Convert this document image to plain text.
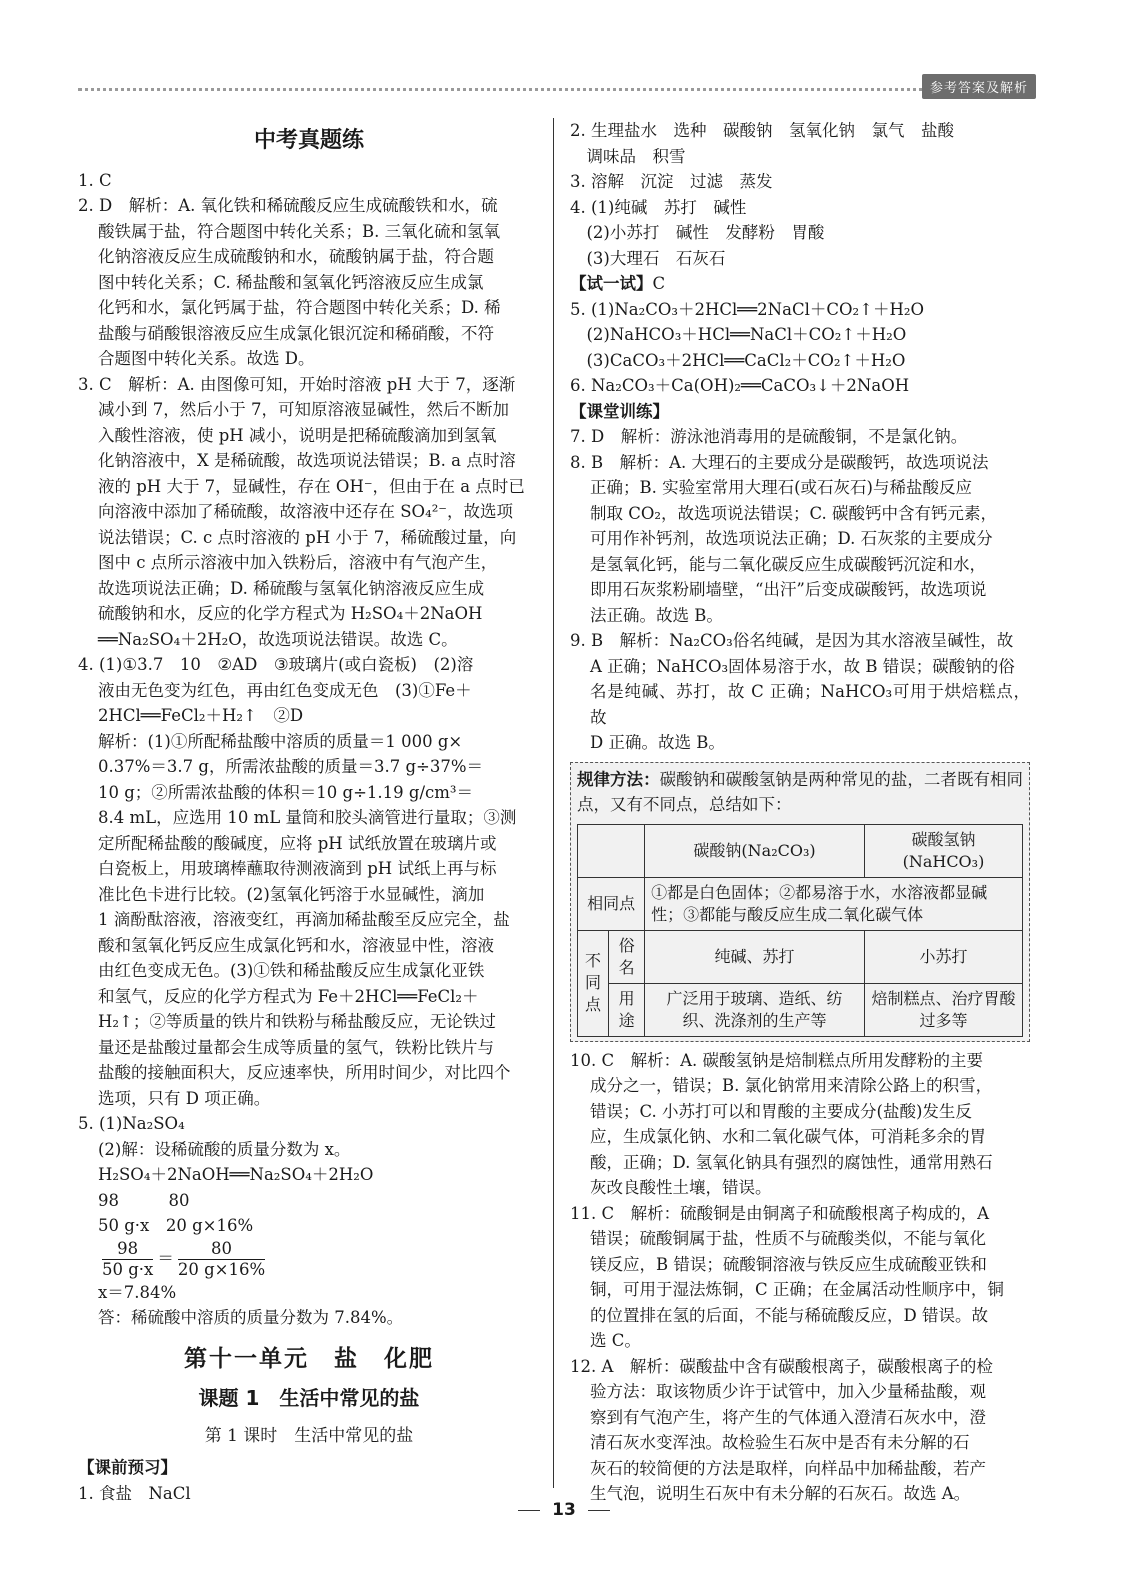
参考答案及解析
中考真题练

1. C

2. D　解析：A. 氧化铁和稀硫酸反应生成硫酸铁和水，硫

酸铁属于盐，符合题图中转化关系；B. 三氧化硫和氢氧

化钠溶液反应生成硫酸钠和水，硫酸钠属于盐，符合题

图中转化关系；C. 稀盐酸和氢氧化钙溶液反应生成氯

化钙和水，氯化钙属于盐，符合题图中转化关系；D. 稀

盐酸与硝酸银溶液反应生成氯化银沉淀和稀硝酸，不符

合题图中转化关系。故选 D。

3. C　解析：A. 由图像可知，开始时溶液 pH 大于 7，逐渐

减小到 7，然后小于 7，可知原溶液显碱性，然后不断加

入酸性溶液，使 pH 减小，说明是把稀硫酸滴加到氢氧

化钠溶液中，X 是稀硫酸，故选项说法错误；B. a 点时溶

液的 pH 大于 7，显碱性，存在 OH⁻，但由于在 a 点时已

向溶液中添加了稀硫酸，故溶液中还存在 SO₄²⁻，故选项

说法错误；C. c 点时溶液的 pH 小于 7，稀硫酸过量，向

图中 c 点所示溶液中加入铁粉后，溶液中有气泡产生，

故选项说法正确；D. 稀硫酸与氢氧化钠溶液反应生成

硫酸钠和水，反应的化学方程式为 H₂SO₄＋2NaOH

══Na₂SO₄＋2H₂O，故选项说法错误。故选 C。

4. (1)①3.7　10　②AD　③玻璃片(或白瓷板)　(2)溶

液由无色变为红色，再由红色变成无色　(3)①Fe＋

2HCl══FeCl₂＋H₂↑　②D

解析：(1)①所配稀盐酸中溶质的质量＝1 000 g×

0.37%＝3.7 g，所需浓盐酸的质量＝3.7 g÷37%＝

10 g；②所需浓盐酸的体积＝10 g÷1.19 g/cm³＝

8.4 mL，应选用 10 mL 量筒和胶头滴管进行量取；③测

定所配稀盐酸的酸碱度，应将 pH 试纸放置在玻璃片或

白瓷板上，用玻璃棒蘸取待测液滴到 pH 试纸上再与标

准比色卡进行比较。(2)氢氧化钙溶于水显碱性，滴加

1 滴酚酞溶液，溶液变红，再滴加稀盐酸至反应完全，盐

酸和氢氧化钙反应生成氯化钙和水，溶液显中性，溶液

由红色变成无色。(3)①铁和稀盐酸反应生成氯化亚铁

和氢气，反应的化学方程式为 Fe＋2HCl══FeCl₂＋

H₂↑；②等质量的铁片和铁粉与稀盐酸反应，无论铁过

量还是盐酸过量都会生成等质量的氢气，铁粉比铁片与

盐酸的接触面积大，反应速率快，所用时间少，对比四个

选项，只有 D 项正确。

5. (1)Na₂SO₄

(2)解：设稀硫酸的质量分数为 x。

H₂SO₄＋2NaOH══Na₂SO₄＋2H₂O

98　　　80

50 g·x　20 g×16%

$\frac{98}{50 g\cdot x} = \frac{80}{20 g\times 16\%}$

x＝7.84%

答：稀硫酸中溶质的质量分数为 7.84%。

第十一单元　盐　化肥
课题 1　生活中常见的盐
第 1 课时　生活中常见的盐

【课前预习】

1. 食盐　NaCl

2. 生理盐水　选种　碳酸钠　氢氧化钠　氯气　盐酸

　调味品　积雪

3. 溶解　沉淀　过滤　蒸发

4. (1)纯碱　苏打　碱性

　(2)小苏打　碱性　发酵粉　胃酸

　(3)大理石　石灰石

【试一试】C

5. (1)Na₂CO₃＋2HCl══2NaCl＋CO₂↑＋H₂O

　(2)NaHCO₃＋HCl══NaCl＋CO₂↑＋H₂O

　(3)CaCO₃＋2HCl══CaCl₂＋CO₂↑＋H₂O

6. Na₂CO₃＋Ca(OH)₂══CaCO₃↓＋2NaOH

【课堂训练】

7. D　解析：游泳池消毒用的是硫酸铜，不是氯化钠。

8. B　解析：A. 大理石的主要成分是碳酸钙，故选项说法

正确；B. 实验室常用大理石(或石灰石)与稀盐酸反应

制取 CO₂，故选项说法错误；C. 碳酸钙中含有钙元素，

可用作补钙剂，故选项说法正确；D. 石灰浆的主要成分

是氢氧化钙，能与二氧化碳反应生成碳酸钙沉淀和水，

即用石灰浆粉刷墙壁，“出汗”后变成碳酸钙，故选项说

法正确。故选 B。

9. B　解析：Na₂CO₃俗名纯碱，是因为其水溶液呈碱性，故

A 正确；NaHCO₃固体易溶于水，故 B 错误；碳酸钠的俗

名是纯碱、苏打，故 C 正确；NaHCO₃可用于烘焙糕点，故

D 正确。故选 B。

规律方法：碳酸钠和碳酸氢钠是两种常见的盐，二者既有相同点，又有不同点，总结如下：

		碳酸钠(Na₂CO₃)	碳酸氢钠(NaHCO₃)
相同点		①都是白色固体；②都易溶于水，水溶液都显碱性；③都能与酸反应生成二氧化碳气体	
不同点	俗名	纯碱、苏打	小苏打
	用途	广泛用于玻璃、造纸、纺织、洗涤剂的生产等	焙制糕点、治疗胃酸过多等

10. C　解析：A. 碳酸氢钠是焙制糕点所用发酵粉的主要

成分之一，错误；B. 氯化钠常用来清除公路上的积雪，

错误；C. 小苏打可以和胃酸的主要成分(盐酸)发生反

应，生成氯化钠、水和二氧化碳气体，可消耗多余的胃

酸，正确；D. 氢氧化钠具有强烈的腐蚀性，通常用熟石

灰改良酸性土壤，错误。

11. C　解析：硫酸铜是由铜离子和硫酸根离子构成的，A

错误；硫酸铜属于盐，性质不与硫酸类似，不能与氧化

镁反应，B 错误；硫酸铜溶液与铁反应生成硫酸亚铁和

铜，可用于湿法炼铜，C 正确；在金属活动性顺序中，铜

的位置排在氢的后面，不能与稀硫酸反应，D 错误。故

选 C。

12. A　解析：碳酸盐中含有碳酸根离子，碳酸根离子的检

验方法：取该物质少许于试管中，加入少量稀盐酸，观

察到有气泡产生，将产生的气体通入澄清石灰水中，澄

清石灰水变浑浊。故检验生石灰中是否有未分解的石

灰石的较简便的方法是取样，向样品中加稀盐酸，若产

生气泡，说明生石灰中有未分解的石灰石。故选 A。

13
